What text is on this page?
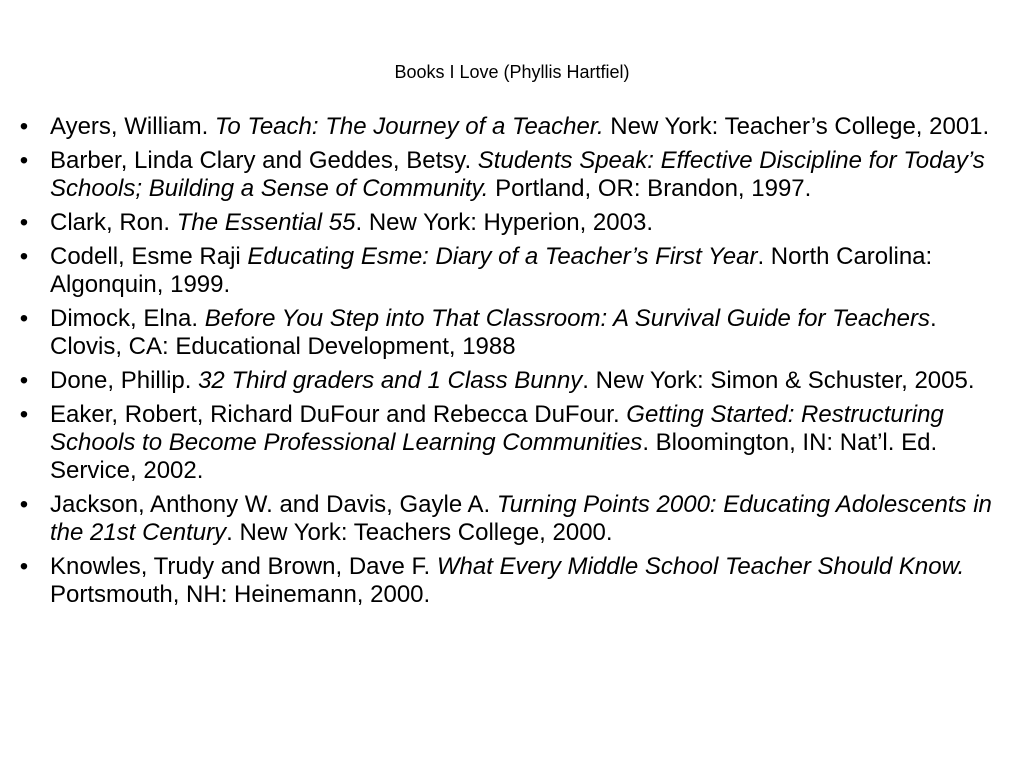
Books I Love (Phyllis Hartfiel)
• Ayers, William. To Teach: The Journey of a Teacher. New York: Teacher’s College, 2001.
• Barber, Linda Clary and Geddes, Betsy. Students Speak: Effective Discipline for Today’s Schools; Building a Sense of Community. Portland, OR: Brandon, 1997.
• Clark, Ron. The Essential 55. New York: Hyperion, 2003.
• Codell, Esme Raji Educating Esme: Diary of a Teacher’s First Year. North Carolina: Algonquin, 1999.
• Dimock, Elna. Before You Step into That Classroom: A Survival Guide for Teachers. Clovis, CA: Educational Development, 1988
• Done, Phillip. 32 Third graders and 1 Class Bunny. New York: Simon & Schuster, 2005.
• Eaker, Robert, Richard DuFour and Rebecca DuFour. Getting Started: Restructuring Schools to Become Professional Learning Communities. Bloomington, IN: Nat’l. Ed. Service, 2002.
• Jackson, Anthony W. and Davis, Gayle A. Turning Points 2000: Educating Adolescents in the 21st Century. New York: Teachers College, 2000.
• Knowles, Trudy and Brown, Dave F. What Every Middle School Teacher Should Know. Portsmouth, NH: Heinemann, 2000.
